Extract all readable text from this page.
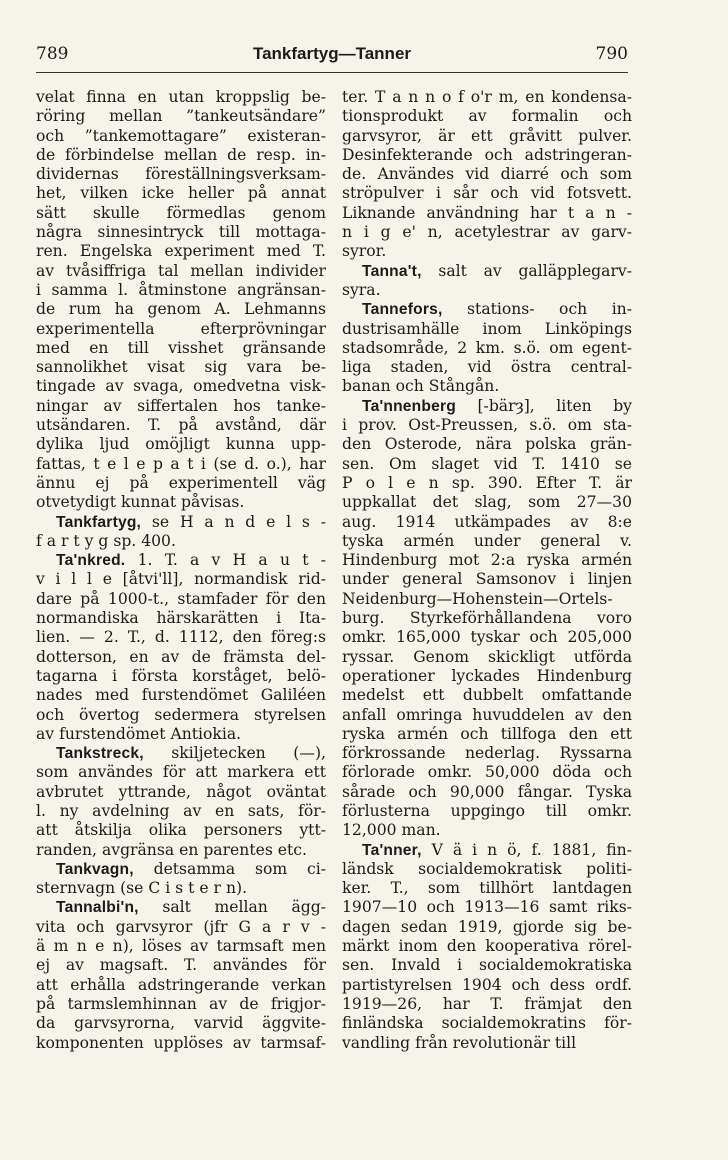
789	Tankfartyg—Tanner	790
velat finna en utan kroppslig be-
röring mellan ”tankeutsändare”
och ”tankemottagare” existeran-
de förbindelse mellan de resp. in-
dividernas föreställningsverksam-
het, vilken icke heller på annat
sätt skulle förmedlas genom
några sinnesintryck till mottaga-
ren. Engelska experiment med T.
av tvåsiffriga tal mellan individer
i samma l. åtminstone angränsan-
de rum ha genom A. Lehmanns
experimentella efterprövningar
med en till visshet gränsande
sannolikhet visat sig vara be-
tingade av svaga, omedvetna visk-
ningar av siffertalen hos tanke-
utsändaren. T. på avstånd, där
dylika ljud omöjligt kunna upp-
fattas, t e l e p a t i (se d. o.), har
ännu ej på experimentell väg
otvetydigt kunnat påvisas.
Tankfartyg, se H a n d e l s -
f a r t y g sp. 400.
Ta'nkred. 1. T. a v H a u t -
v i l l e [åtvi'll], normandisk rid-
dare på 1000-t., stamfader för den
normandiska härskarätten i Ita-
lien. — 2. T., d. 1112, den föreg:s
dotterson, en av de främsta del-
tagarna i första korståget, belö-
nades med furstendömet Galiléen
och övertog sedermera styrelsen
av furstendömet Antiokia.
Tankstreck, skiljetecken (—),
som användes för att markera ett
avbrutet yttrande, något oväntat
l. ny avdelning av en sats, för-
att åtskilja olika personers ytt-
randen, avgränsa en parentes etc.
Tankvagn, detsamma som ci-
sternvagn (se C i s t e r n).
Tannalbi'n, salt mellan ägg-
vita och garvsyror (jfr G a r v -
ä m n e n), löses av tarmsaft men
ej av magsaft. T. användes för
att erhålla adstringerande verkan
på tarmslemhinnan av de frigjor-
da garvsyrorna, varvid äggvite-
komponenten upplöses av tarmsaf-
ter. T a n n o f o'r m, en kondensa-
tionsprodukt av formalin och
garvsyror, är ett gråvitt pulver.
Desinfekterande och adstringeran-
de. Användes vid diarré och som
ströpulver i sår och vid fotsvett.
Liknande användning har t a n -
n i g e' n, acetylestrar av garv-
syror.
Tanna't, salt av galläpplegarv-
syra.
Tannefors, stations- och in-
dustrisamhälle inom Linköpings
stadsområde, 2 km. s.ö. om egent-
liga staden, vid östra central-
banan och Stångån.
Ta'nnenberg [-bärȝ], liten by
i prov. Ost-Preussen, s.ö. om sta-
den Osterode, nära polska grän-
sen. Om slaget vid T. 1410 se
P o l e n sp. 390. Efter T. är
uppkallat det slag, som 27—30
aug. 1914 utkämpades av 8:e
tyska armén under general v.
Hindenburg mot 2:a ryska armén
under general Samsonov i linjen
Neidenburg—Hohenstein—Ortels-
burg. Styrkeförhållandena voro
omkr. 165,000 tyskar och 205,000
ryssar. Genom skickligt utförda
operationer lyckades Hindenburg
medelst ett dubbelt omfattande
anfall omringa huvuddelen av den
ryska armén och tillfoga den ett
förkrossande nederlag. Ryssarna
förlorade omkr. 50,000 döda och
sårade och 90,000 fångar. Tyska
förlusterna uppgingo till omkr.
12,000 man.
Ta'nner, V ä i n ö, f. 1881, fin-
ländsk socialdemokratisk politi-
ker. T., som tillhört lantdagen
1907—10 och 1913—16 samt riks-
dagen sedan 1919, gjorde sig be-
märkt inom den kooperativa rörel-
sen. Invald i socialdemokratiska
partistyrelsen 1904 och dess ordf.
1919—26, har T. främjat den
finländska socialdemokratins för-
vandling från revolutionär till
